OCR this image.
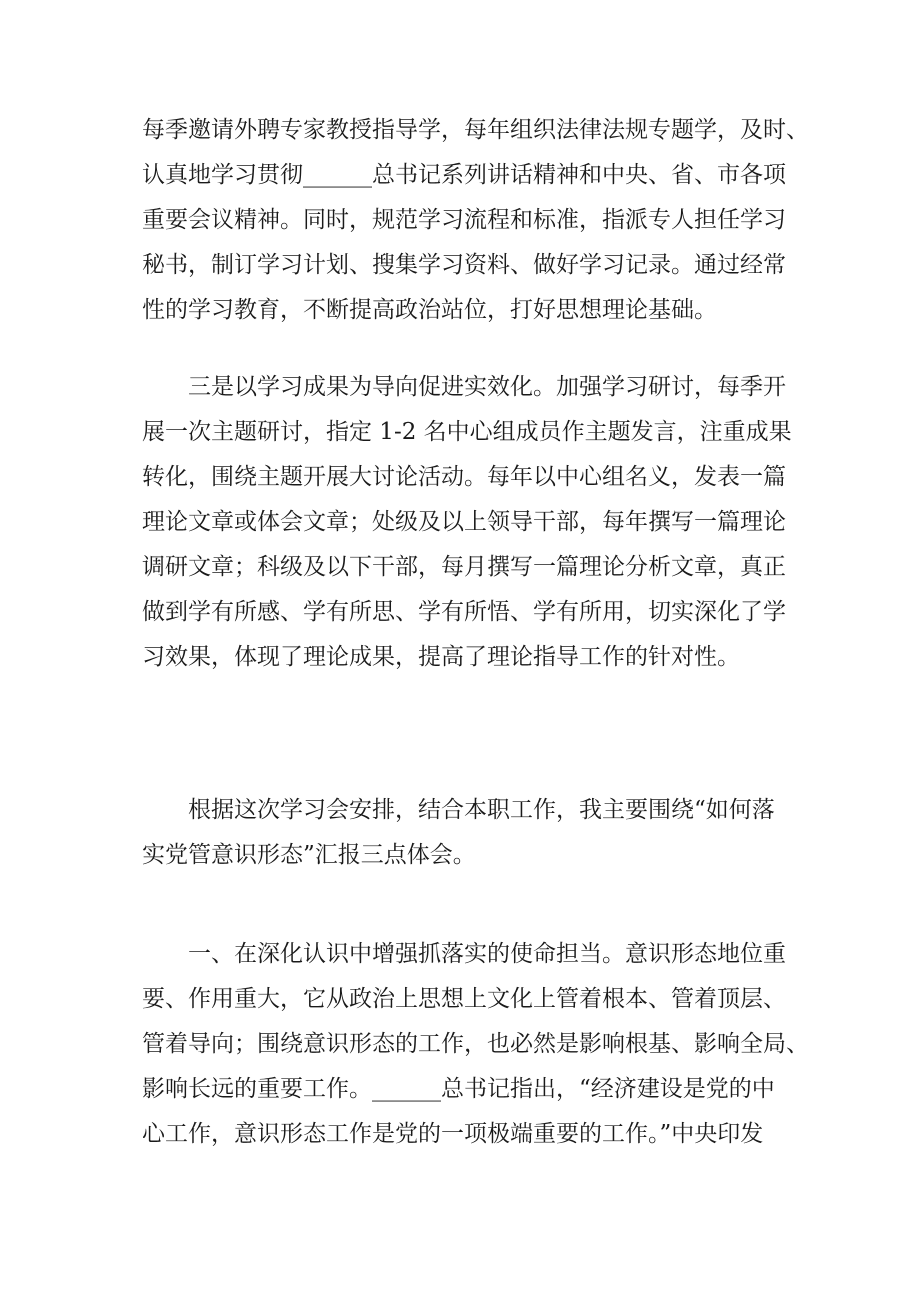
每季邀请外聘专家教授指导学，每年组织法律法规专题学，及时、
认真地学习贯彻______总书记系列讲话精神和中央、省、市各项
重要会议精神。同时，规范学习流程和标准，指派专人担任学习
秘书，制订学习计划、搜集学习资料、做好学习记录。通过经常
性的学习教育，不断提高政治站位，打好思想理论基础。
　　三是以学习成果为导向促进实效化。加强学习研讨，每季开
展一次主题研讨，指定 1-2 名中心组成员作主题发言，注重成果
转化，围绕主题开展大讨论活动。每年以中心组名义，发表一篇
理论文章或体会文章；处级及以上领导干部，每年撰写一篇理论
调研文章；科级及以下干部，每月撰写一篇理论分析文章，真正
做到学有所感、学有所思、学有所悟、学有所用，切实深化了学
习效果，体现了理论成果，提高了理论指导工作的针对性。
　　根据这次学习会安排，结合本职工作，我主要围绕“如何落
实党管意识形态”汇报三点体会。
　　一、在深化认识中增强抓落实的使命担当。意识形态地位重
要、作用重大，它从政治上思想上文化上管着根本、管着顶层、
管着导向；围绕意识形态的工作，也必然是影响根基、影响全局、
影响长远的重要工作。______总书记指出，“经济建设是党的中
心工作，意识形态工作是党的一项极端重要的工作。”中央印发
